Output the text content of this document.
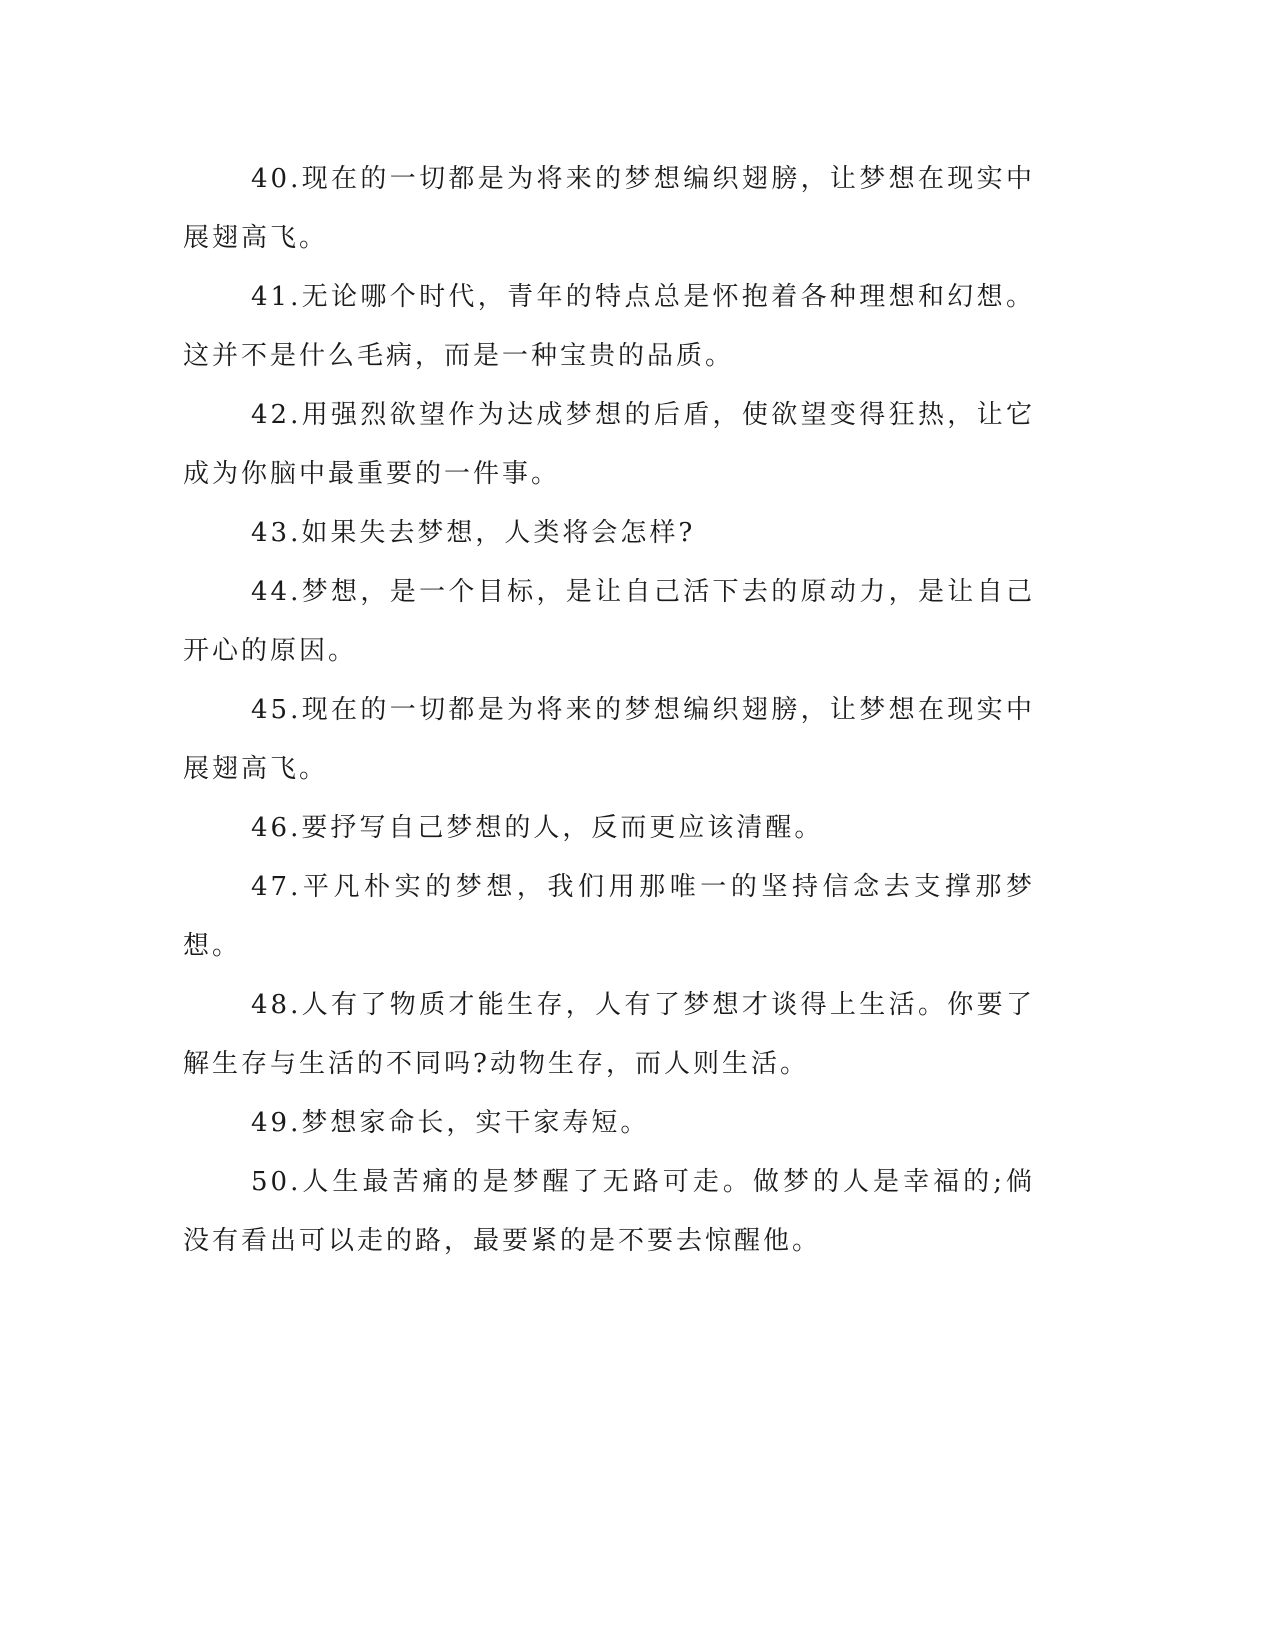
40.现在的一切都是为将来的梦想编织翅膀，让梦想在现实中展翅高飞。

41.无论哪个时代，青年的特点总是怀抱着各种理想和幻想。这并不是什么毛病，而是一种宝贵的品质。

42.用强烈欲望作为达成梦想的后盾，使欲望变得狂热，让它成为你脑中最重要的一件事。

43.如果失去梦想，人类将会怎样?

44.梦想，是一个目标，是让自己活下去的原动力，是让自己开心的原因。

45.现在的一切都是为将来的梦想编织翅膀，让梦想在现实中展翅高飞。

46.要抒写自己梦想的人，反而更应该清醒。

47.平凡朴实的梦想，我们用那唯一的坚持信念去支撑那梦想。

48.人有了物质才能生存，人有了梦想才谈得上生活。你要了解生存与生活的不同吗?动物生存，而人则生活。

49.梦想家命长，实干家寿短。

50.人生最苦痛的是梦醒了无路可走。做梦的人是幸福的;倘没有看出可以走的路，最要紧的是不要去惊醒他。
